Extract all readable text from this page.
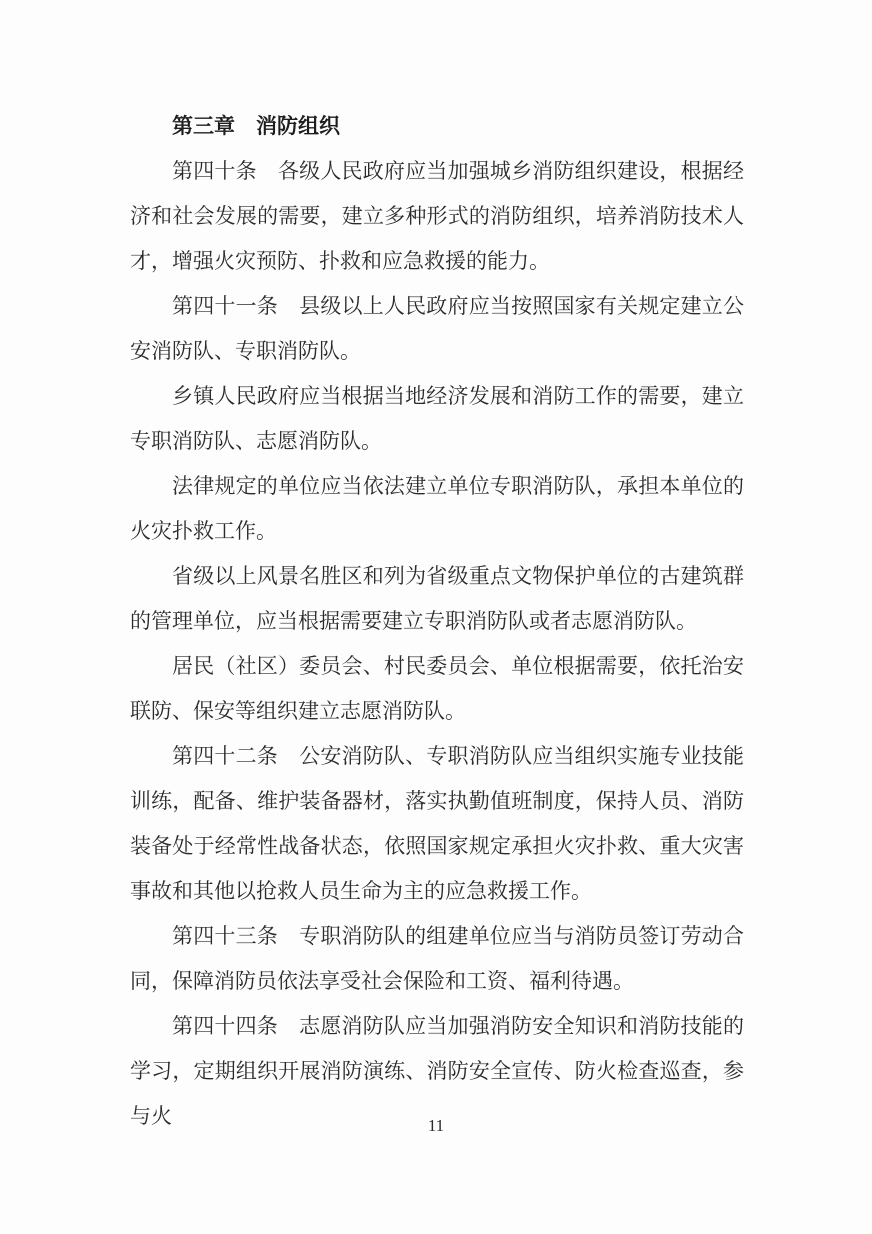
第三章　消防组织

第四十条　各级人民政府应当加强城乡消防组织建设，根据经济和社会发展的需要，建立多种形式的消防组织，培养消防技术人才，增强火灾预防、扑救和应急救援的能力。

第四十一条　县级以上人民政府应当按照国家有关规定建立公安消防队、专职消防队。

乡镇人民政府应当根据当地经济发展和消防工作的需要，建立专职消防队、志愿消防队。

法律规定的单位应当依法建立单位专职消防队，承担本单位的火灾扑救工作。

省级以上风景名胜区和列为省级重点文物保护单位的古建筑群的管理单位，应当根据需要建立专职消防队或者志愿消防队。

居民（社区）委员会、村民委员会、单位根据需要，依托治安联防、保安等组织建立志愿消防队。

第四十二条　公安消防队、专职消防队应当组织实施专业技能训练，配备、维护装备器材，落实执勤值班制度，保持人员、消防装备处于经常性战备状态，依照国家规定承担火灾扑救、重大灾害事故和其他以抢救人员生命为主的应急救援工作。

第四十三条　专职消防队的组建单位应当与消防员签订劳动合同，保障消防员依法享受社会保险和工资、福利待遇。

第四十四条　志愿消防队应当加强消防安全知识和消防技能的学习，定期组织开展消防演练、消防安全宣传、防火检查巡查，参与火	11
